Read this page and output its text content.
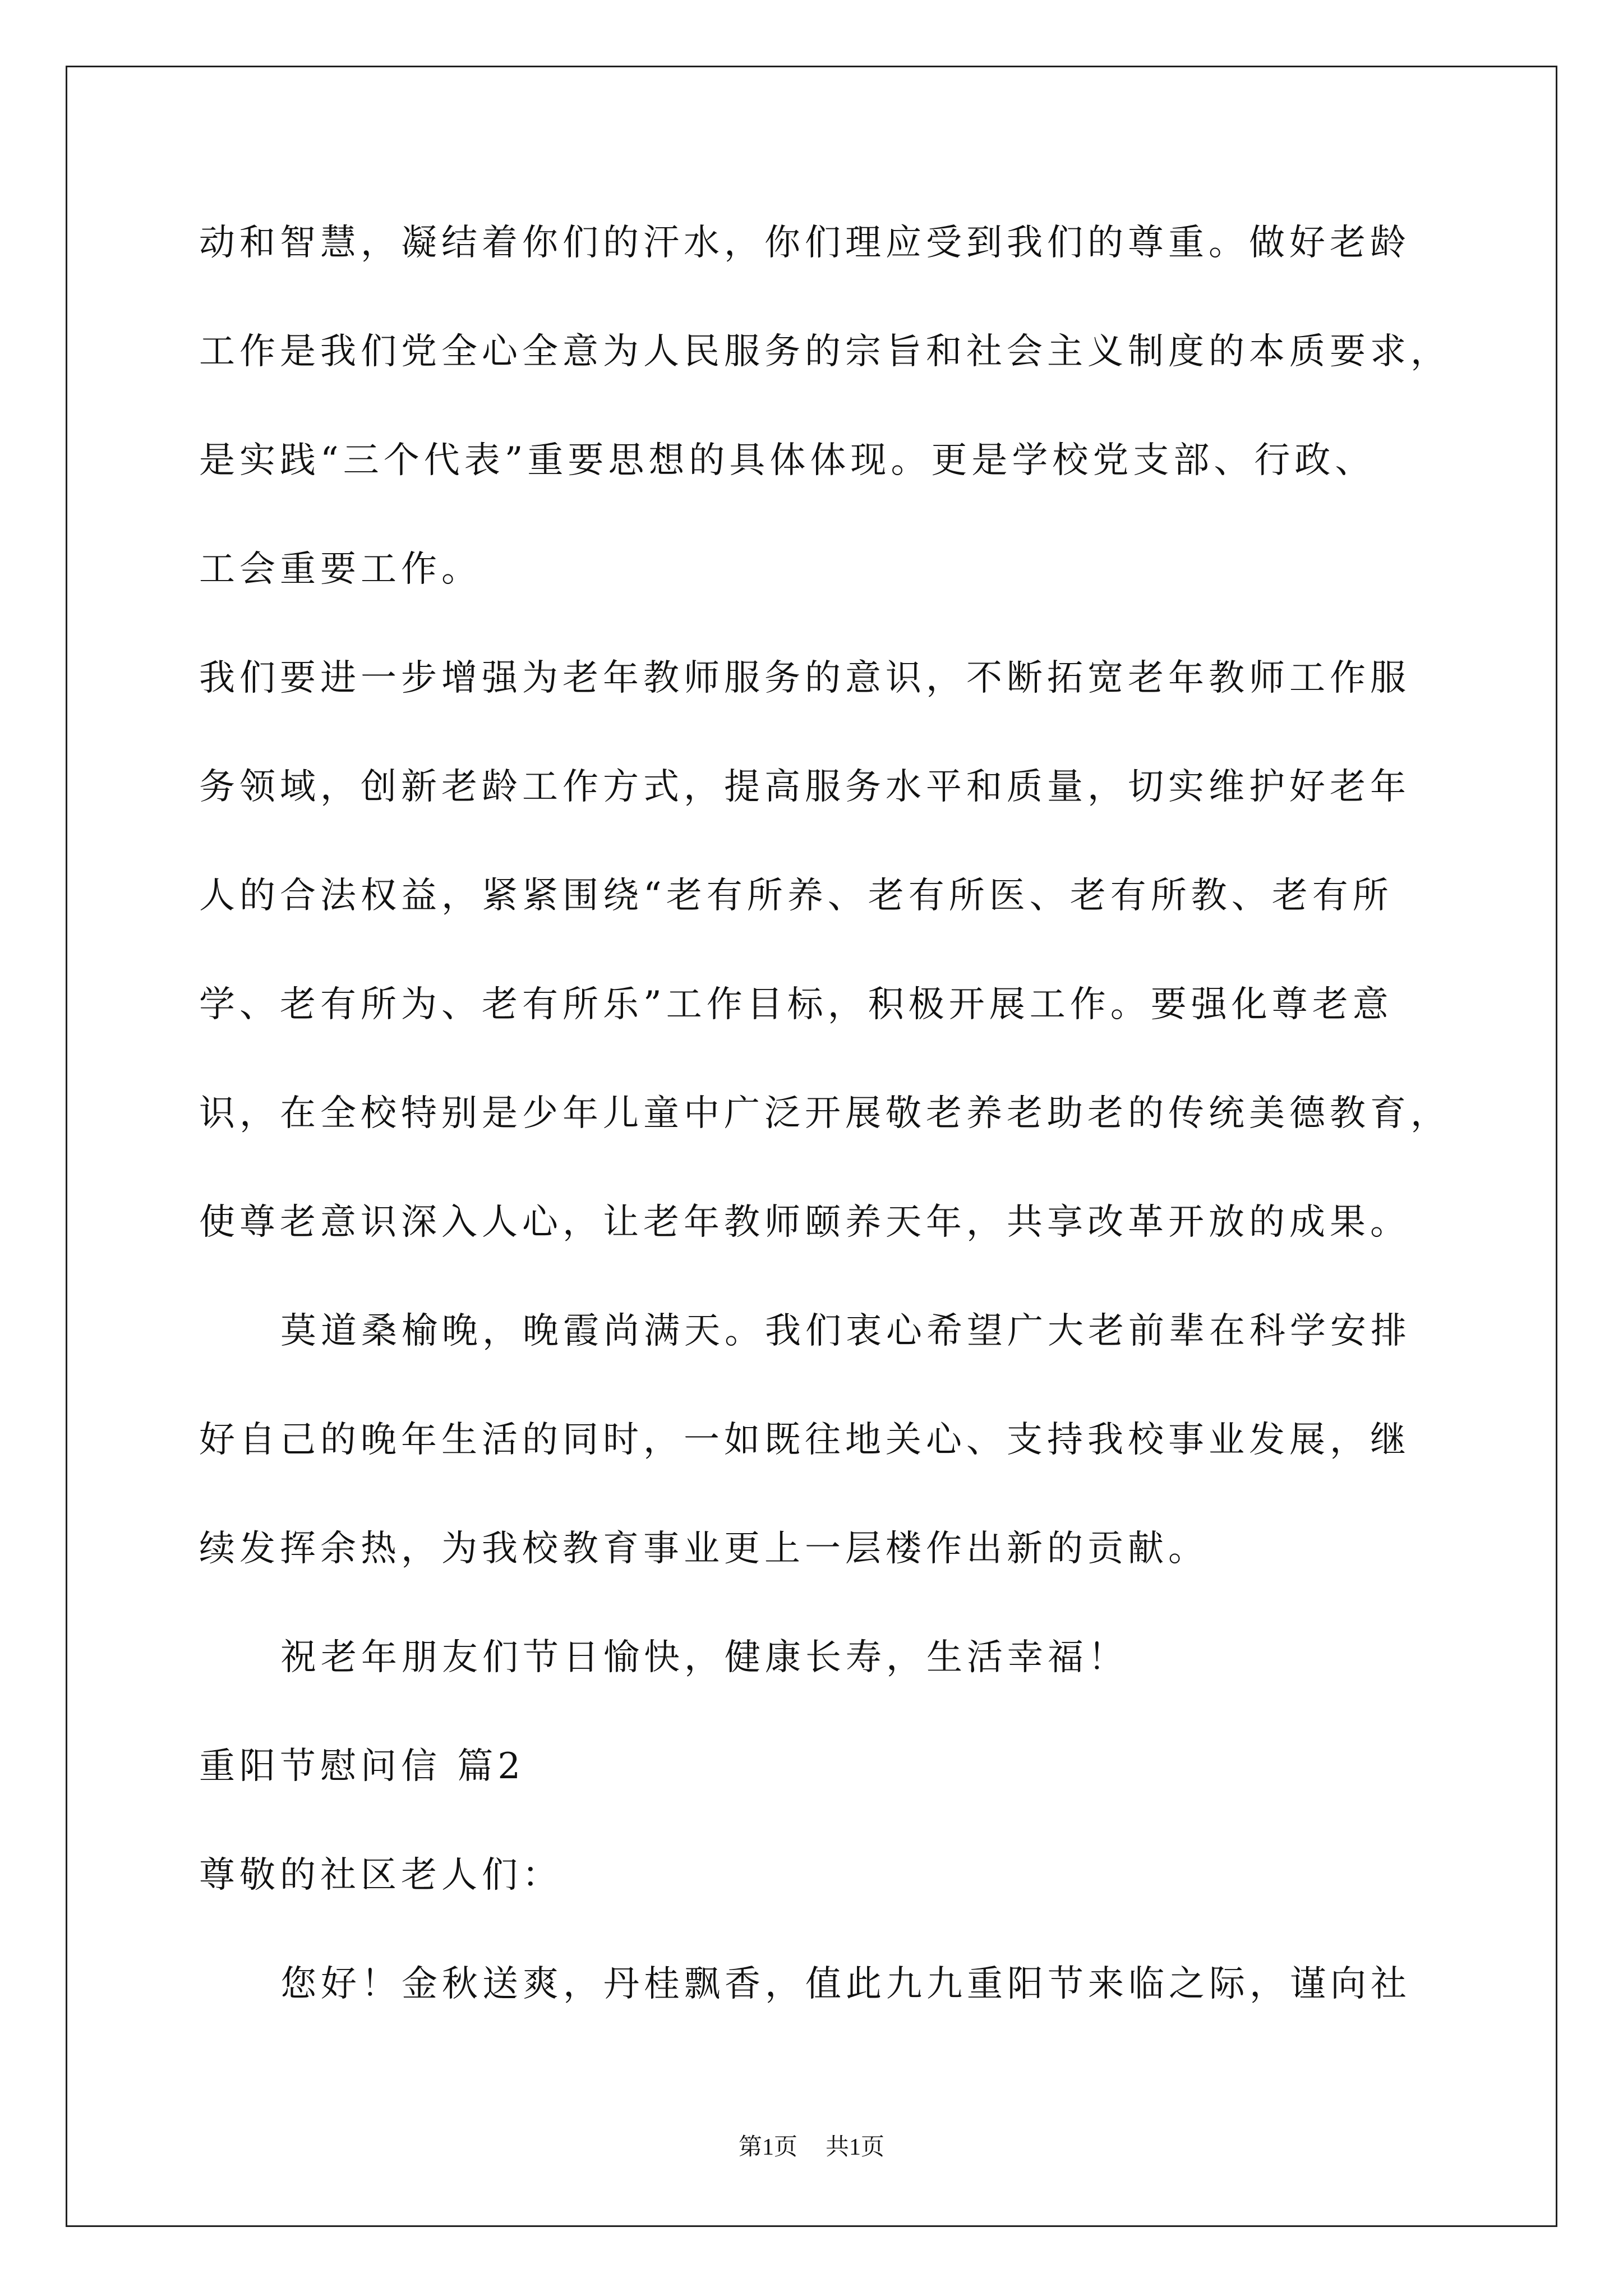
动和智慧，凝结着你们的汗水，你们理应受到我们的尊重。做好老龄
工作是我们党全心全意为人民服务的宗旨和社会主义制度的本质要求，
是实践“三个代表”重要思想的具体体现。更是学校党支部、行政、
工会重要工作。
我们要进一步增强为老年教师服务的意识，不断拓宽老年教师工作服
务领域，创新老龄工作方式，提高服务水平和质量，切实维护好老年
人的合法权益，紧紧围绕“老有所养、老有所医、老有所教、老有所
学、老有所为、老有所乐”工作目标，积极开展工作。要强化尊老意
识，在全校特别是少年儿童中广泛开展敬老养老助老的传统美德教育，
使尊老意识深入人心，让老年教师颐养天年，共享改革开放的成果。
莫道桑榆晚，晚霞尚满天。我们衷心希望广大老前辈在科学安排
好自己的晚年生活的同时，一如既往地关心、支持我校事业发展，继
续发挥余热，为我校教育事业更上一层楼作出新的贡献。
祝老年朋友们节日愉快，健康长寿，生活幸福！
重阳节慰问信 篇2
尊敬的社区老人们：
您好！金秋送爽，丹桂飘香，值此九九重阳节来临之际，谨向社
第1页 共1页
